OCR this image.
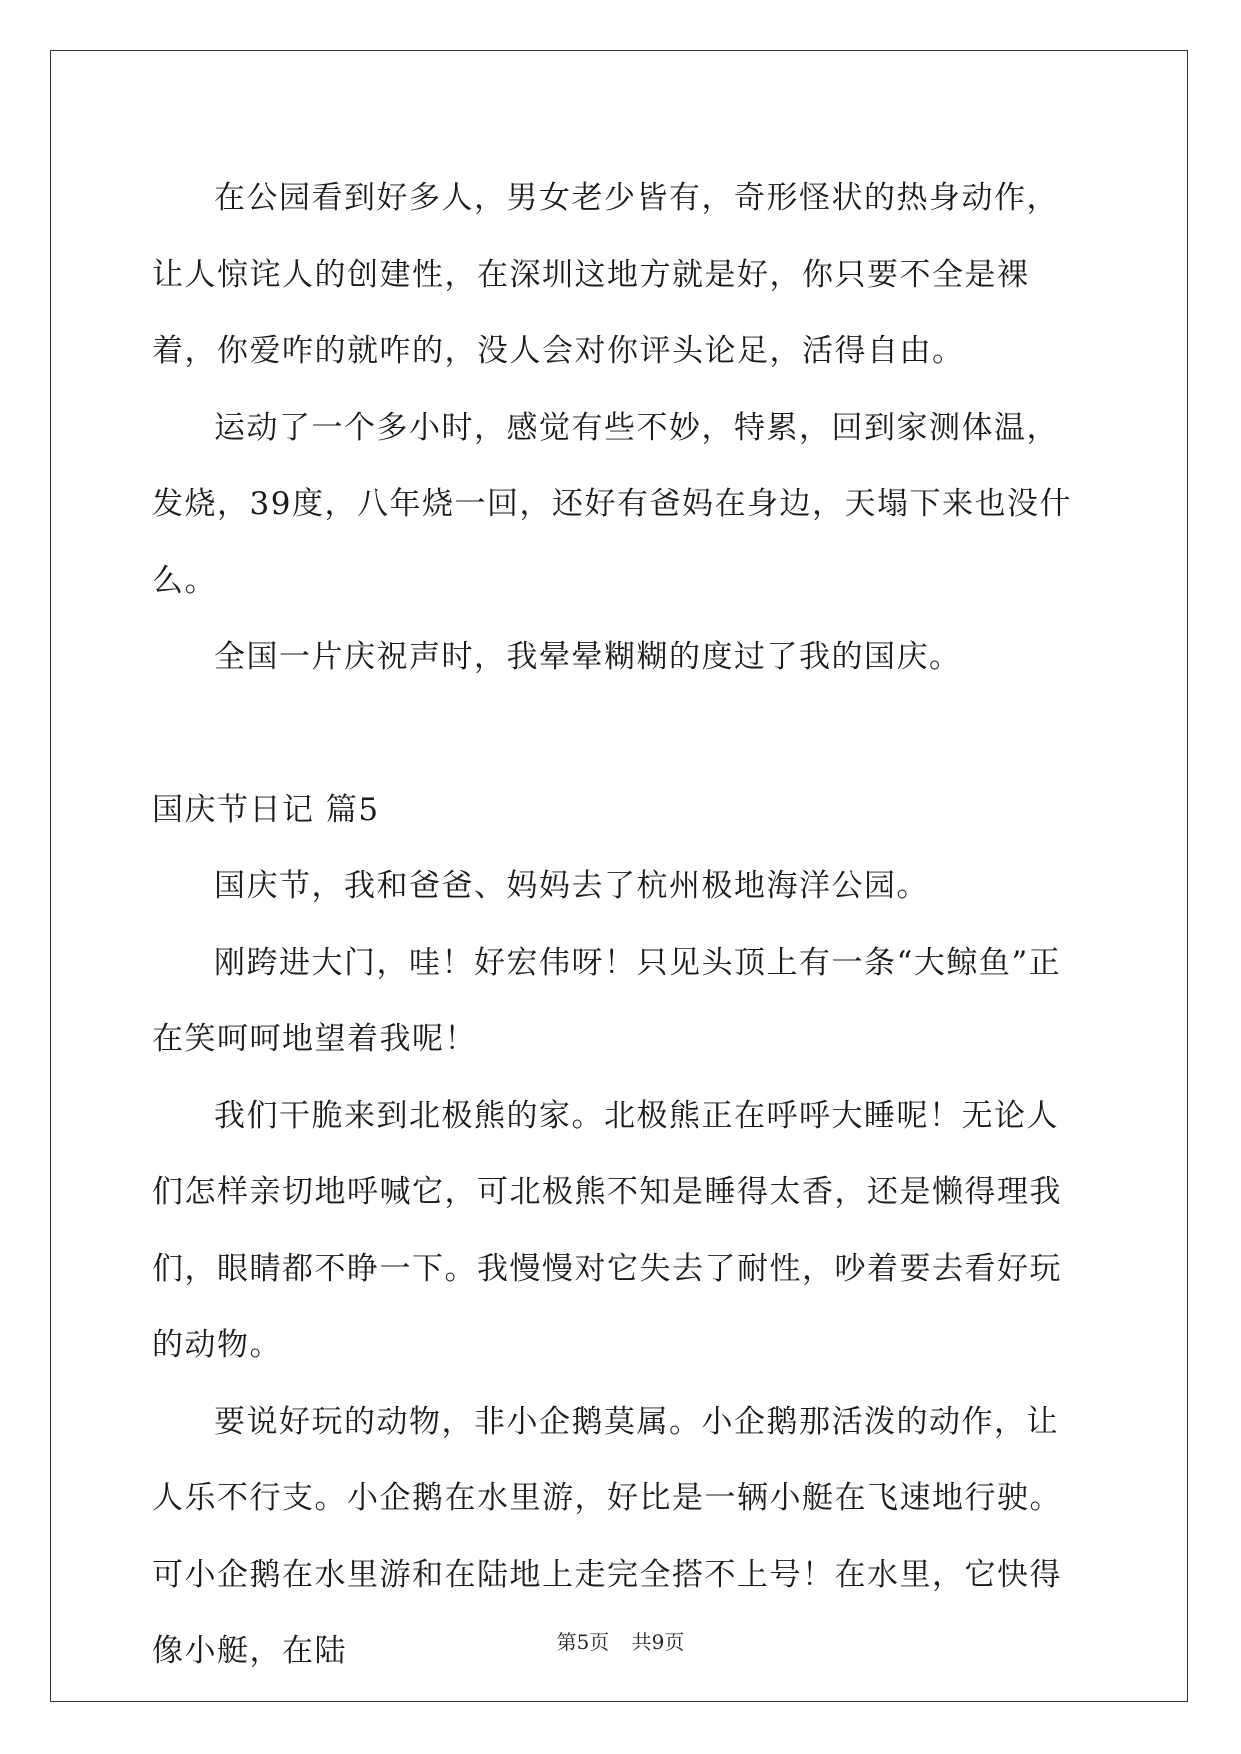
在公园看到好多人，男女老少皆有，奇形怪状的热身动作，让人惊诧人的创建性，在深圳这地方就是好，你只要不全是裸着，你爱咋的就咋的，没人会对你评头论足，活得自由。

运动了一个多小时，感觉有些不妙，特累，回到家测体温，发烧，39度，八年烧一回，还好有爸妈在身边，天塌下来也没什么。

全国一片庆祝声时，我晕晕糊糊的度过了我的国庆。

国庆节日记 篇5

国庆节，我和爸爸、妈妈去了杭州极地海洋公园。

刚跨进大门，哇！好宏伟呀！只见头顶上有一条“大鲸鱼”正在笑呵呵地望着我呢！

我们干脆来到北极熊的家。北极熊正在呼呼大睡呢！无论人们怎样亲切地呼喊它，可北极熊不知是睡得太香，还是懒得理我们，眼睛都不睁一下。我慢慢对它失去了耐性，吵着要去看好玩的动物。

要说好玩的动物，非小企鹅莫属。小企鹅那活泼的动作，让人乐不行支。小企鹅在水里游，好比是一辆小艇在飞速地行驶。可小企鹅在水里游和在陆地上走完全搭不上号！在水里，它快得像小艇，在陆	第5页 共9页
